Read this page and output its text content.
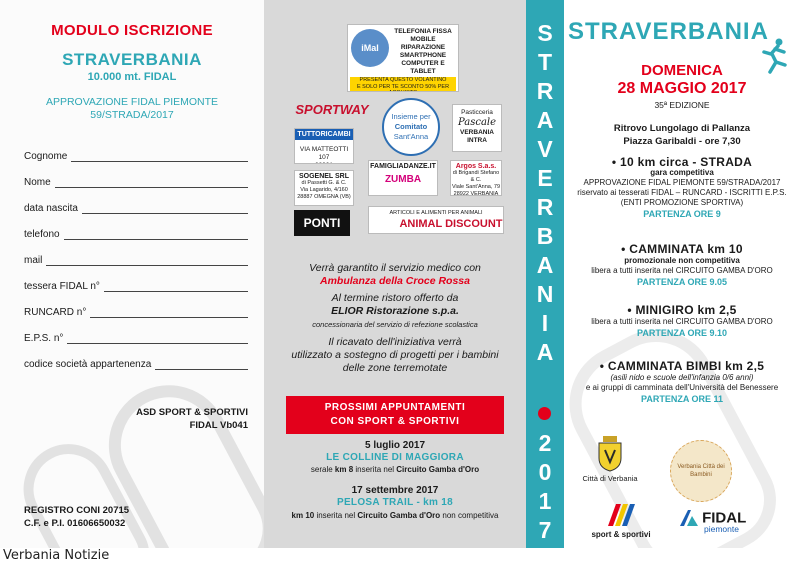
MODULO ISCRIZIONE
STRAVERBANIA
10.000 mt. FIDAL
APPROVAZIONE FIDAL PIEMONTE
59/STRADA/2017
Cognome
Nome
data nascita
telefono
mail
tessera FIDAL n°
RUNCARD n°
E.P.S. n°
codice società appartenenza
ASD SPORT & SPORTIVI
FIDAL Vb041
REGISTRO CONI 20715
C.F. e P.I. 01606650032
iMal
TELEFONIA FISSA
MOBILE
RIPARAZIONE
SMARTPHONE
COMPUTER E TABLET
PRESENTA QUESTO VOLANTINO
E SOLO PER TE SCONTO 50% PER
SPORTWAY	Insieme per
Comitato
Sant'Anna
Pasticceria
Pascale
VERBANIA INTRA
TUTTORICAMBI
VIA MATTEOTTI 107
FAMIGLIADANZE.IT
ZUMBA
Argos S.a.s.
di Brigandi Stefano & C.
Viale Sant'Anna, 79
28922 VERBANIA
SOGENEL SRL
di Passetti G. & C.
Via Lagarido, 4/160
28887 OMEGNA (VB)
PONTI
ARTICOLI E ALIMENTI PER ANIMALI
ANIMAL DISCOUNT
Verrà garantito il servizio medico con
Ambulanza della Croce Rossa
Al termine ristoro offerto da
ELIOR Ristorazione s.p.a.
concessionaria del servizio di refezione scolastica
Il ricavato dell'iniziativa verrà
utilizzato a sostegno di progetti per i bambini
delle zone terremotate
PROSSIMI APPUNTAMENTI
CON SPORT & SPORTIVI
5 luglio 2017
LE COLLINE DI MAGGIORA
serale km 8 inserita nel Circuito Gamba d'Oro
17 settembre 2017
PELOSA TRAIL - km 18
km 10 inserita nel Circuito Gamba d'Oro non competitiva
S
T
R
A
V
E
R
B
A
N
I
A
2
0
1
7
STRAVERBANIA
DOMENICA
28 MAGGIO 2017
35ª EDIZIONE
Ritrovo Lungolago di Pallanza
Piazza Garibaldi - ore 7,30
• 10 km circa - STRADA
gara competitiva
APPROVAZIONE FIDAL PIEMONTE 59/STRADA/2017
riservato ai tesserati FIDAL – RUNCARD - ISCRITTI E.P.S.
(ENTI PROMOZIONE SPORTIVA)
PARTENZA ORE 9
• CAMMINATA km 10
promozionale non competitiva
libera a tutti inserita nel CIRCUITO GAMBA D'ORO
PARTENZA ORE 9.05
• MINIGIRO km 2,5
libera a tutti inserita nel CIRCUITO GAMBA D'ORO
PARTENZA ORE 9.10
• CAMMINATA BIMBI km 2,5
(asili nido e scuole dell'infanzia 0/6 anni)
e ai gruppi di camminata dell'Università del Benessere
PARTENZA ORE 11
Città di Verbania
Verbania Città dei Bambini
sport & sportivi
FIDAL
piemonte
Verbania Notizie
